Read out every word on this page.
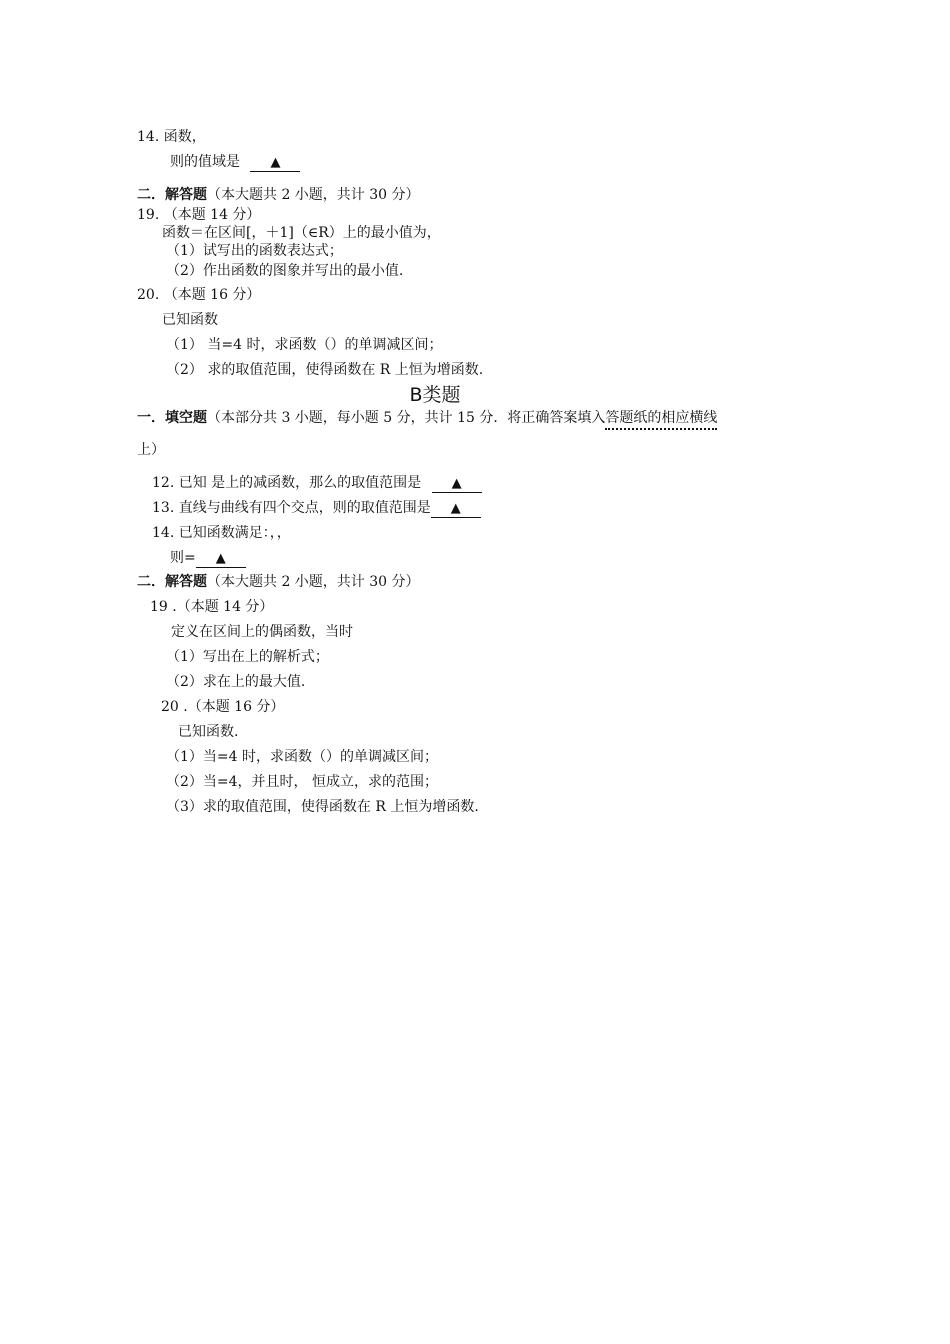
14. 函数，
则的值域是 ▲
二．解答题（本大题共 2 小题，共计 30 分）
19. （本题 14 分）
函数＝在区间[，＋1]（∈R）上的最小值为，
（1）试写出的函数表达式；
（2）作出函数的图象并写出的最小值.
20. （本题 16 分）
已知函数
（1） 当=4 时，求函数（）的单调减区间；
（2） 求的取值范围，使得函数在 R 上恒为增函数.
B类题
一．填空题（本部分共 3 小题，每小题 5 分，共计 15 分．将正确答案填入答题纸的相应横线
上）
12. 已知 是上的减函数，那么的取值范围是 ▲
13. 直线与曲线有四个交点，则的取值范围是 ▲
14. 已知函数满足：，，
则= ▲
二．解答题（本大题共 2 小题，共计 30 分）
19 .（本题 14 分）
定义在区间上的偶函数，当时
（1）写出在上的解析式；
（2）求在上的最大值.
20 .（本题 16 分）
已知函数.
（1）当=4 时，求函数（）的单调减区间；
（2）当=4，并且时， 恒成立，求的范围；
（3）求的取值范围，使得函数在 R 上恒为增函数.
